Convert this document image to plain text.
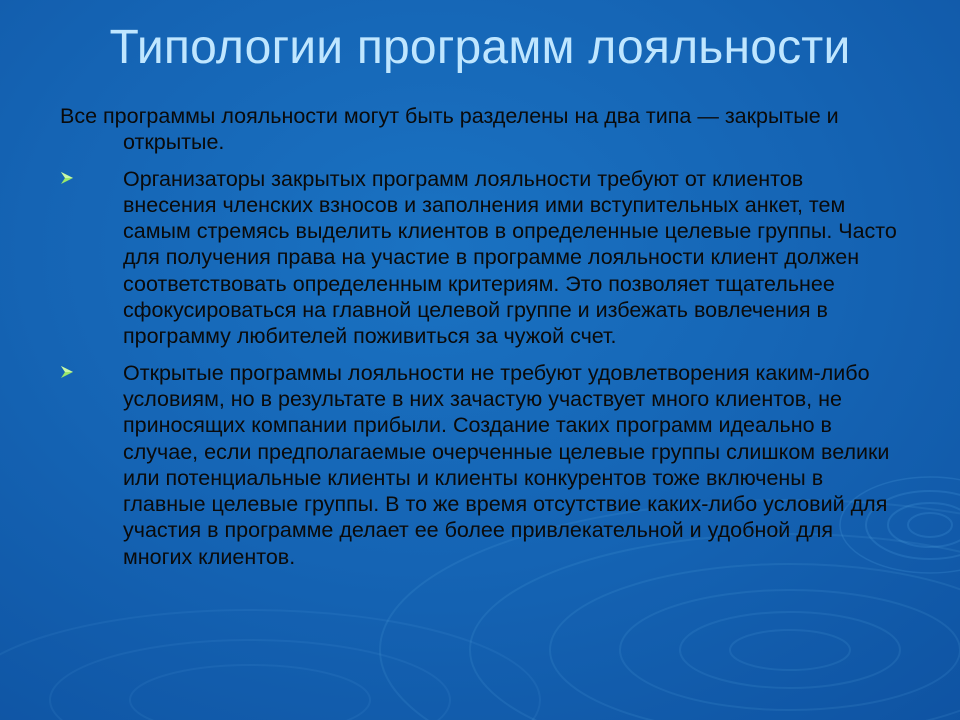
Типологии программ лояльности

Все программы лояльности могут быть разделены на два типа — закрытые и открытые.

Организаторы закрытых программ лояльности требуют от клиентов внесения членских взносов и заполнения ими вступительных анкет, тем самым стремясь выделить клиентов в определенные целевые группы. Часто для получения права на участие в программе лояльности клиент должен соответствовать определенным критериям. Это позволяет тщательнее сфокусироваться на главной целевой группе и избежать вовлечения в программу любителей поживиться за чужой счет.

Открытые программы лояльности не требуют удовлетворения каким-либо условиям, но в результате в них зачастую участвует много клиентов, не приносящих компании прибыли. Создание таких программ идеально в случае, если предполагаемые очерченные целевые группы слишком велики или потенциальные клиенты и клиенты конкурентов тоже включены в главные целевые группы. В то же время отсутствие каких-либо условий для участия в программе делает ее более привлекательной и удобной для многих клиентов.
